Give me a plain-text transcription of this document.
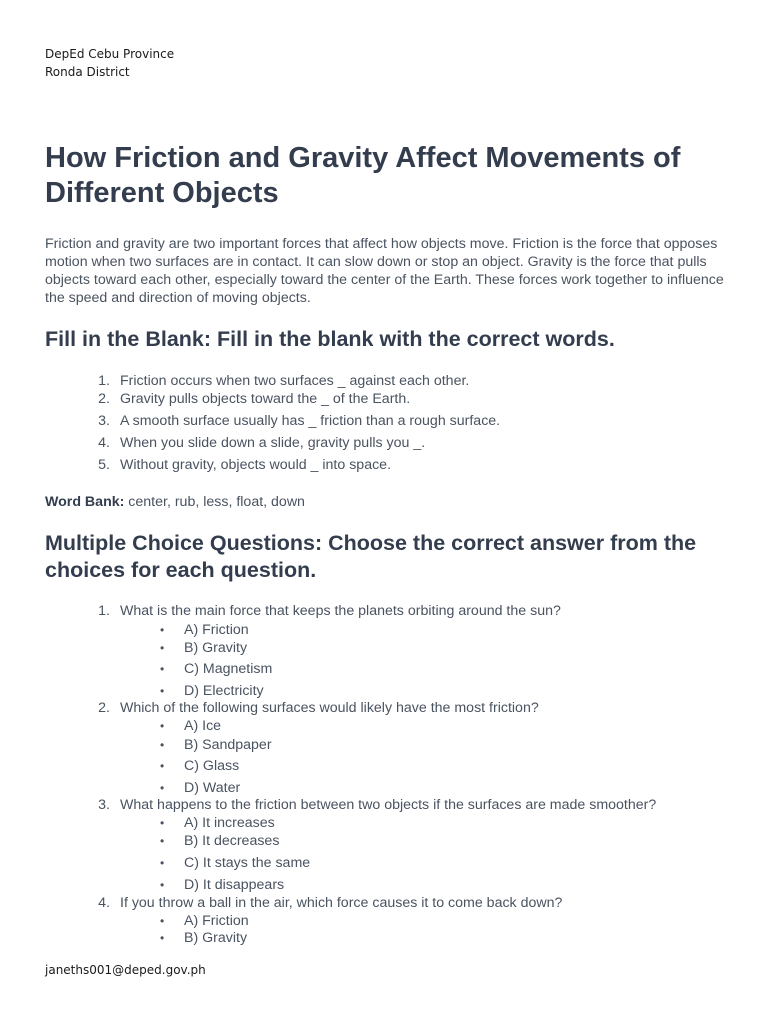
DepEd Cebu Province
Ronda District
How Friction and Gravity Affect Movements of Different Objects

Friction and gravity are two important forces that affect how objects move. Friction is the force that opposes motion when two surfaces are in contact. It can slow down or stop an object. Gravity is the force that pulls objects toward each other, especially toward the center of the Earth. These forces work together to influence the speed and direction of moving objects.

Fill in the Blank: Fill in the blank with the correct words.
1. Friction occurs when two surfaces _ against each other.
2. Gravity pulls objects toward the _ of the Earth.
3. A smooth surface usually has _ friction than a rough surface.
4. When you slide down a slide, gravity pulls you _.
5. Without gravity, objects would _ into space.
Word Bank: center, rub, less, float, down
Multiple Choice Questions: Choose the correct answer from the choices for each question.
1. What is the main force that keeps the planets orbiting around the sun?
• A) Friction
• B) Gravity
• C) Magnetism
• D) Electricity
2. Which of the following surfaces would likely have the most friction?
• A) Ice
• B) Sandpaper
• C) Glass
• D) Water
3. What happens to the friction between two objects if the surfaces are made smoother?
• A) It increases
• B) It decreases
• C) It stays the same
• D) It disappears
4. If you throw a ball in the air, which force causes it to come back down?
• A) Friction
• B) Gravity
janeths001@deped.gov.ph
